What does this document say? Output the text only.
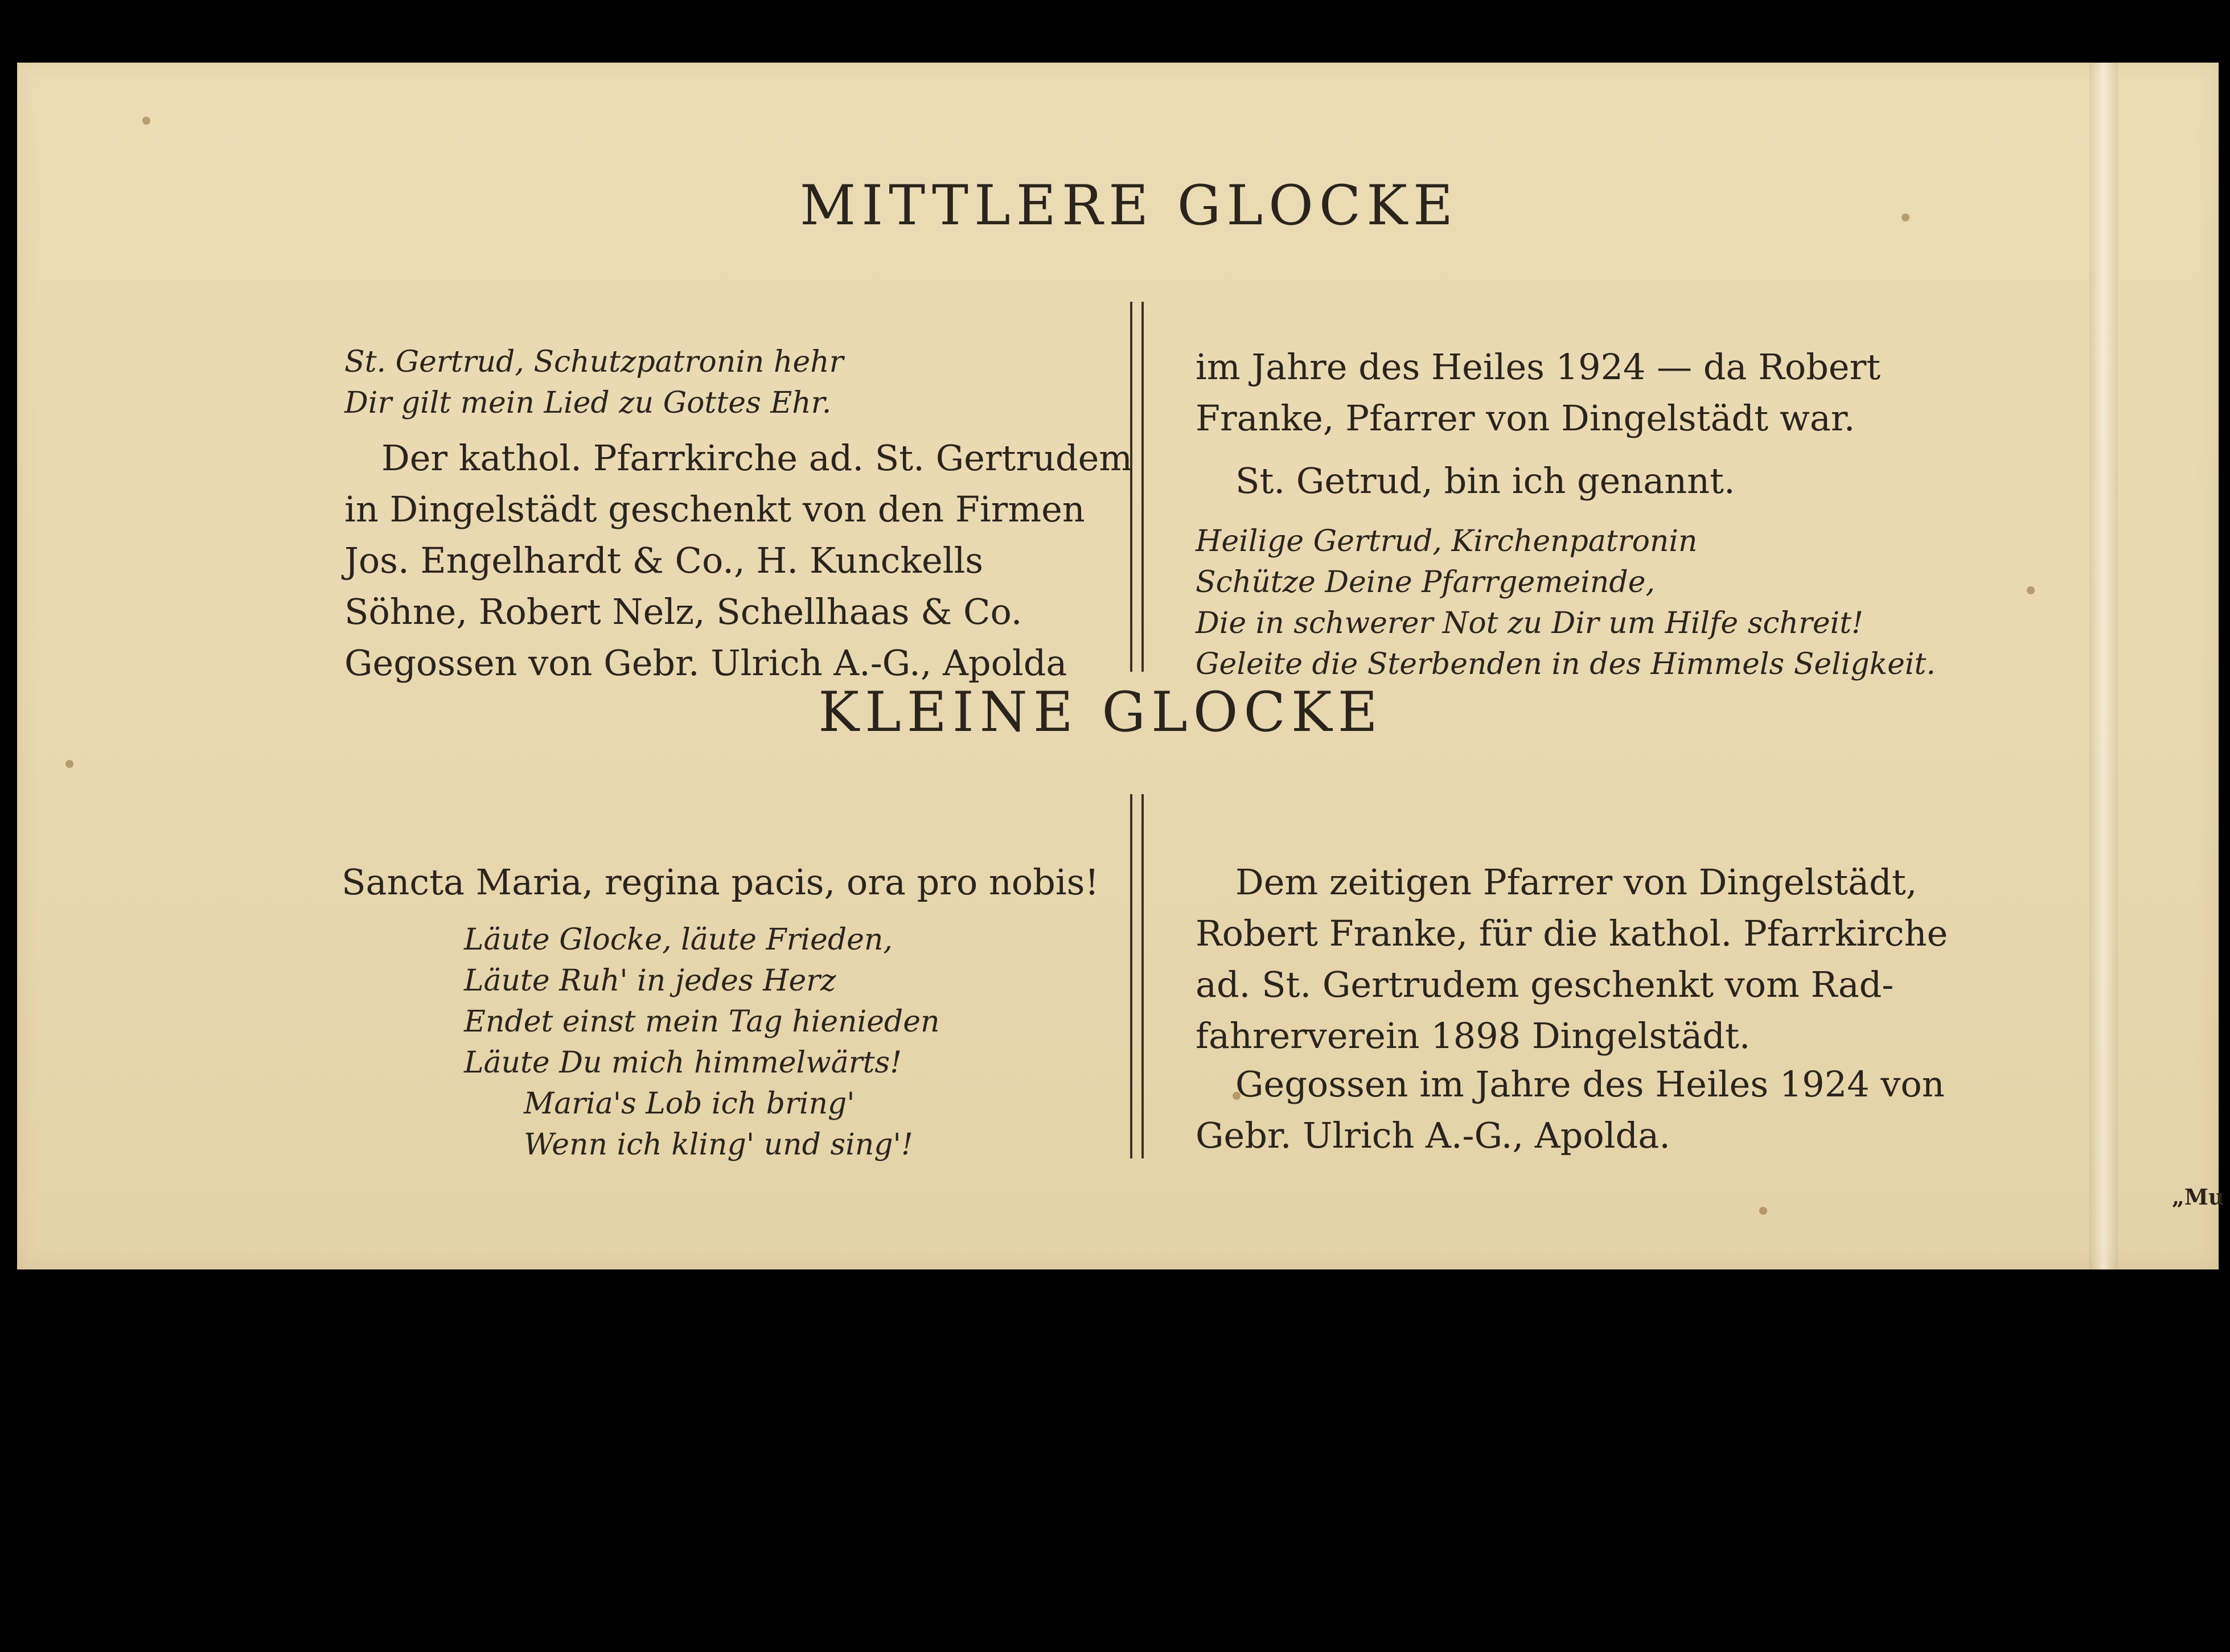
MITTLERE GLOCKE
St. Gertrud, Schutzpatronin hehr
Dir gilt mein Lied zu Gottes Ehr.
Der kathol. Pfarrkirche ad. St. Gertrudem
in Dingelstädt geschenkt von den Firmen
Jos. Engelhardt & Co., H. Kunckells
Söhne, Robert Nelz, Schellhaas & Co.
Gegossen von Gebr. Ulrich A.-G., Apolda
im Jahre des Heiles 1924 — da Robert
Franke, Pfarrer von Dingelstädt war.
St. Getrud, bin ich genannt.
Heilige Gertrud, Kirchenpatronin
Schütze Deine Pfarrgemeinde,
Die in schwerer Not zu Dir um Hilfe schreit!
Geleite die Sterbenden in des Himmels Seligkeit.
KLEINE GLOCKE
Sancta Maria, regina pacis, ora pro nobis!
Läute Glocke, läute Frieden,
Läute Ruh' in jedes Herz
Endet einst mein Tag hienieden
Läute Du mich himmelwärts!
Maria's Lob ich bring'
Wenn ich kling' und sing'!
Dem zeitigen Pfarrer von Dingelstädt,
Robert Franke, für die kathol. Pfarrkirche
ad. St. Gertrudem geschenkt vom Rad-
fahrerverein 1898 Dingelstädt.
Gegossen im Jahre des Heiles 1924 von
Gebr. Ulrich A.-G., Apolda.
„Mu
